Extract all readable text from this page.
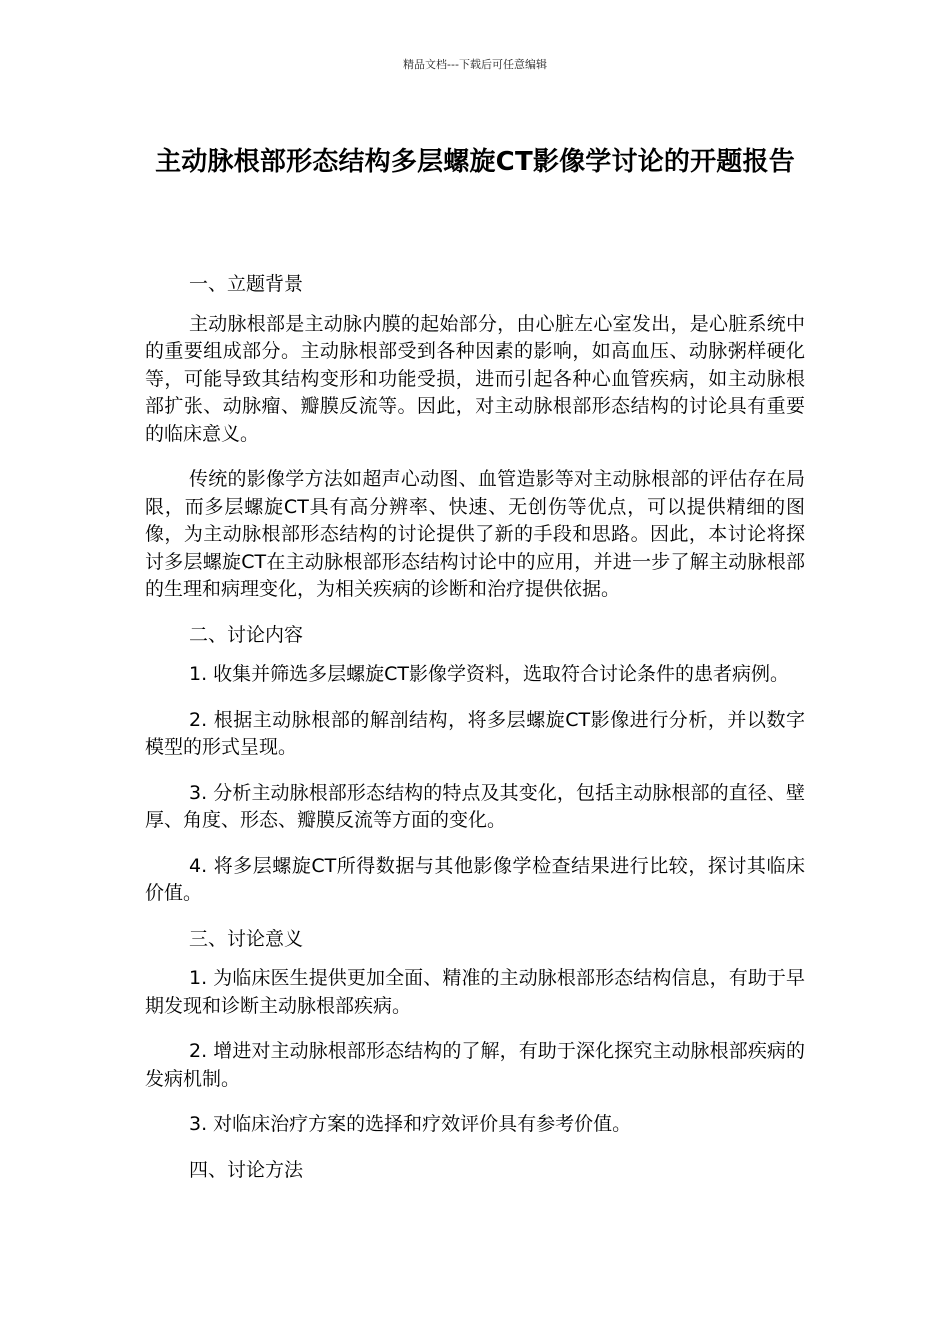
精品文档---下载后可任意编辑
主动脉根部形态结构多层螺旋CT影像学讨论的开题报告

一、立题背景

主动脉根部是主动脉内膜的起始部分，由心脏左心室发出，是心脏系统中的重要组成部分。主动脉根部受到各种因素的影响，如高血压、动脉粥样硬化等，可能导致其结构变形和功能受损，进而引起各种心血管疾病，如主动脉根部扩张、动脉瘤、瓣膜反流等。因此，对主动脉根部形态结构的讨论具有重要的临床意义。

传统的影像学方法如超声心动图、血管造影等对主动脉根部的评估存在局限，而多层螺旋CT具有高分辨率、快速、无创伤等优点，可以提供精细的图像，为主动脉根部形态结构的讨论提供了新的手段和思路。因此，本讨论将探讨多层螺旋CT在主动脉根部形态结构讨论中的应用，并进一步了解主动脉根部的生理和病理变化，为相关疾病的诊断和治疗提供依据。

二、讨论内容

1. 收集并筛选多层螺旋CT影像学资料，选取符合讨论条件的患者病例。

2. 根据主动脉根部的解剖结构，将多层螺旋CT影像进行分析，并以数字模型的形式呈现。

3. 分析主动脉根部形态结构的特点及其变化，包括主动脉根部的直径、壁厚、角度、形态、瓣膜反流等方面的变化。

4. 将多层螺旋CT所得数据与其他影像学检查结果进行比较，探讨其临床价值。

三、讨论意义

1. 为临床医生提供更加全面、精准的主动脉根部形态结构信息，有助于早期发现和诊断主动脉根部疾病。

2. 增进对主动脉根部形态结构的了解，有助于深化探究主动脉根部疾病的发病机制。

3. 对临床治疗方案的选择和疗效评价具有参考价值。

四、讨论方法
